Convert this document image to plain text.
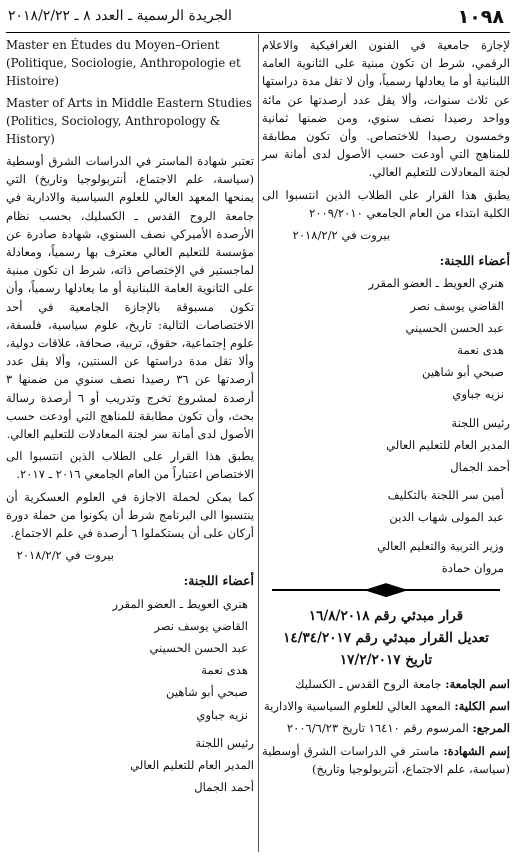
١٠٩٨
الجريدة الرسمية ـ العدد ٨ ـ ٢٠١٨/٢/٢٢

لإجازة جامعية في الفنون الغرافيكية والاعلام الرقمي، شرط ان تكون مبنية على الثانوية العامة اللبنانية أو ما يعادلها رسمياً، وأن لا تقل مدة دراستها عن ثلاث سنوات، وألا يقل عدد أرصدتها عن مائة وواحد رصيدا نصف سنوي، ومن ضمنها ثمانية وخمسون رصيدا للاختصاص. وأن تكون مطابقة للمناهج التي أودعت حسب الأصول لدى أمانة سر لجنة المعادلات للتعليم العالي.

يطبق هذا القرار على الطلاب الذين انتسبوا الى الكلية ابتداء من العام الجامعي ٢٠٠٩/٢٠١٠

بيروت في ٢٠١٨/٢/٢
أعضاء اللجنة:
هنري العويط ـ العضو المقرر
القاضي يوسف نصر
عبد الحسن الحسيني
هدى نعمة
صبحي أبو شاهين
نزيه جباوي
رئيس اللجنة
المدير العام للتعليم العالي
أحمد الجمال
أمين سر اللجنة بالتكليف
عبد المولى شهاب الدين
وزير التربية والتعليم العالي
مروان حمادة
قرار مبدئي رقم ١٦/٨/٢٠١٨
تعديل القرار مبدئي رقم ١٤/٣٤/٢٠١٧
تاريخ ١٧/٢/٢٠١٧
اسم الجامعة: جامعة الروح القدس ـ الكسليك
اسم الكلية: المعهد العالي للعلوم السياسية والادارية
المرجع: المرسوم رقم ١٦٤١٠ تاريخ ٢٠٠٦/٦/٢٣
إسم الشهادة: ماستر في الدراسات الشرق أوسطية (سياسة، علم الاجتماع، أنتربولوجيا وتاريخ)

Master en Études du Moyen–Orient (Politique, Sociologie, Anthropologie et Histoire)

Master of Arts in Middle Eastern Studies (Politics, Sociology, Anthropology & History)

تعتبر شهادة الماستر في الدراسات الشرق أوسطية (سياسة، علم الاجتماع، أنتربولوجيا وتاريخ) التي يمنحها المعهد العالي للعلوم السياسية والادارية في جامعة الروح القدس ـ الكسليك، بحسب نظام الأرصدة الأميركي نصف السنوي، شهادة صادرة عن مؤسسة للتعليم العالي معترف بها رسمياً، ومعادلة لماجستير في الإختصاص ذاته، شرط ان تكون مبنية على الثانوية العامة اللبنانية أو ما يعادلها رسمياً، وأن تكون مسبوقة بالإجازة الجامعية في أحد الاختصاصات التالية: تاريخ، علوم سياسية، فلسفة، علوم إجتماعية، حقوق، تربية، صحافة، علاقات دولية، وألا تقل مدة دراستها عن السنتين، وألا يقل عدد أرصدتها عن ٣٦ رصيدا نصف سنوي من ضمنها ٣ أرصدة لمشروع تخرج وتدريب أو ٦ أرصدة رسالة بحث، وأن تكون مطابقة للمناهج التي أودعت حسب الأصول لدى أمانة سر لجنة المعادلات للتعليم العالي.

يطبق هذا القرار على الطلاب الذين انتسبوا الى الاختصاص اعتباراً من العام الجامعي ٢٠١٦ ـ ٢٠١٧.

كما يمكن لحملة الاجازة في العلوم العسكرية أن ينتسبوا الى البرنامج شرط أن يكونوا من حملة دورة أركان على أن يستكملوا ٦ أرصدة في علم الاجتماع.

بيروت في ٢٠١٨/٢/٢
أعضاء اللجنة:
هنري العويط ـ العضو المقرر
القاضي يوسف نصر
عبد الحسن الحسيني
هدى نعمة
صبحي أبو شاهين
نزيه جباوي
رئيس اللجنة
المدير العام للتعليم العالي
أحمد الجمال
